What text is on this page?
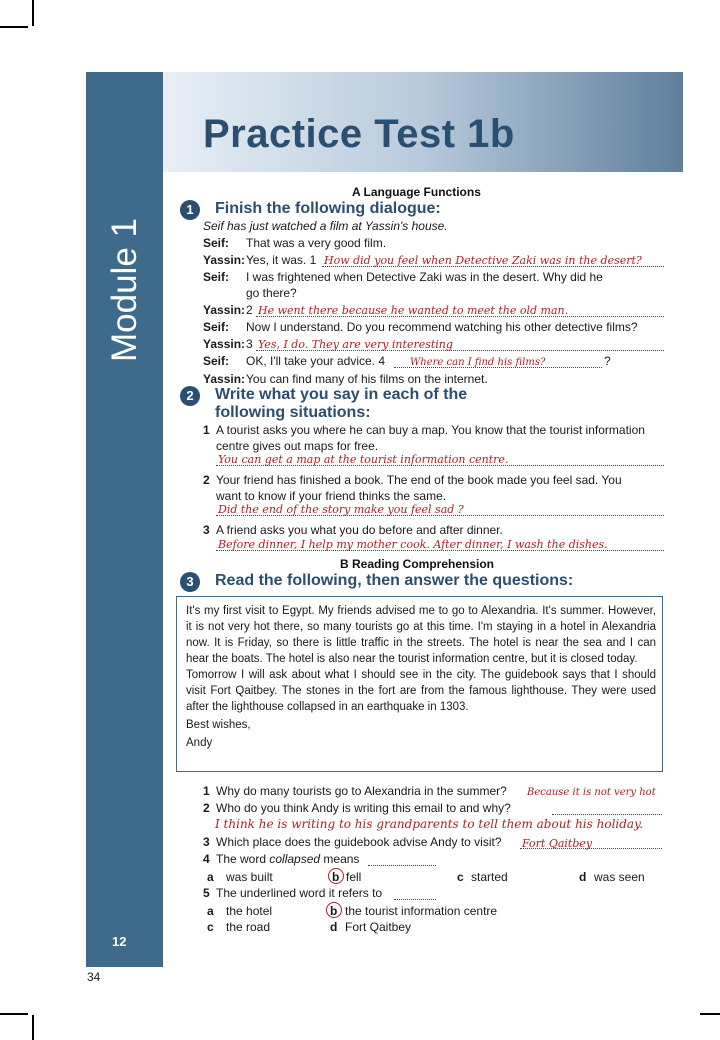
Module 1
12
Practice Test 1b
A Language Functions
1	Finish the following dialogue:
Seif has just watched a film at Yassin's house.
Seif: That was a very good film.
Yassin: Yes, it was. 1 How did you feel when Detective Zaki was in the desert?
Seif: I was frightened when Detective Zaki was in the desert. Why did he
go there?
Yassin: 2 He went there because he wanted to meet the old man.
Seif: Now I understand. Do you recommend watching his other detective films?
Yassin: 3 Yes, I do. They are very interesting
Seif: OK, I'll take your advice. 4 Where can I find his films?	?
Yassin: You can find many of his films on the internet.
2	Write what you say in each of the
following situations:
1 A tourist asks you where he can buy a map. You know that the tourist information
centre gives out maps for free.
You can get a map at the tourist information centre.
2 Your friend has finished a book. The end of the book made you feel sad. You
want to know if your friend thinks the same.
Did the end of the story make you feel sad ?
3 A friend asks you what you do before and after dinner.
Before dinner, I help my mother cook. After dinner, I wash the dishes.
B Reading Comprehension
3	Read the following, then answer the questions:

It's my first visit to Egypt. My friends advised me to go to Alexandria. It's summer. However, it is not very hot there, so many tourists go at this time. I'm staying in a hotel in Alexandria now. It is Friday, so there is little traffic in the streets. The hotel is near the sea and I can hear the boats. The hotel is also near the tourist information centre, but it is closed today.

Tomorrow I will ask about what I should see in the city. The guidebook says that I should visit Fort Qaitbey. The stones in the fort are from the famous lighthouse. They were used after the lighthouse collapsed in an earthquake in 1303.

Best wishes,

Andy

1 Why do many tourists go to Alexandria in the summer? Because it is not very hot
2 Who do you think Andy is writing this email to and why?
I think he is writing to his grandparents to tell them about his holiday.
3 Which place does the guidebook advise Andy to visit? Fort Qaitbey
4 The word collapsed means
a was built	b fell	c started	d was seen
5 The underlined word it refers to
a the hotel	b the tourist information centre
c the road	d Fort Qaitbey
34
